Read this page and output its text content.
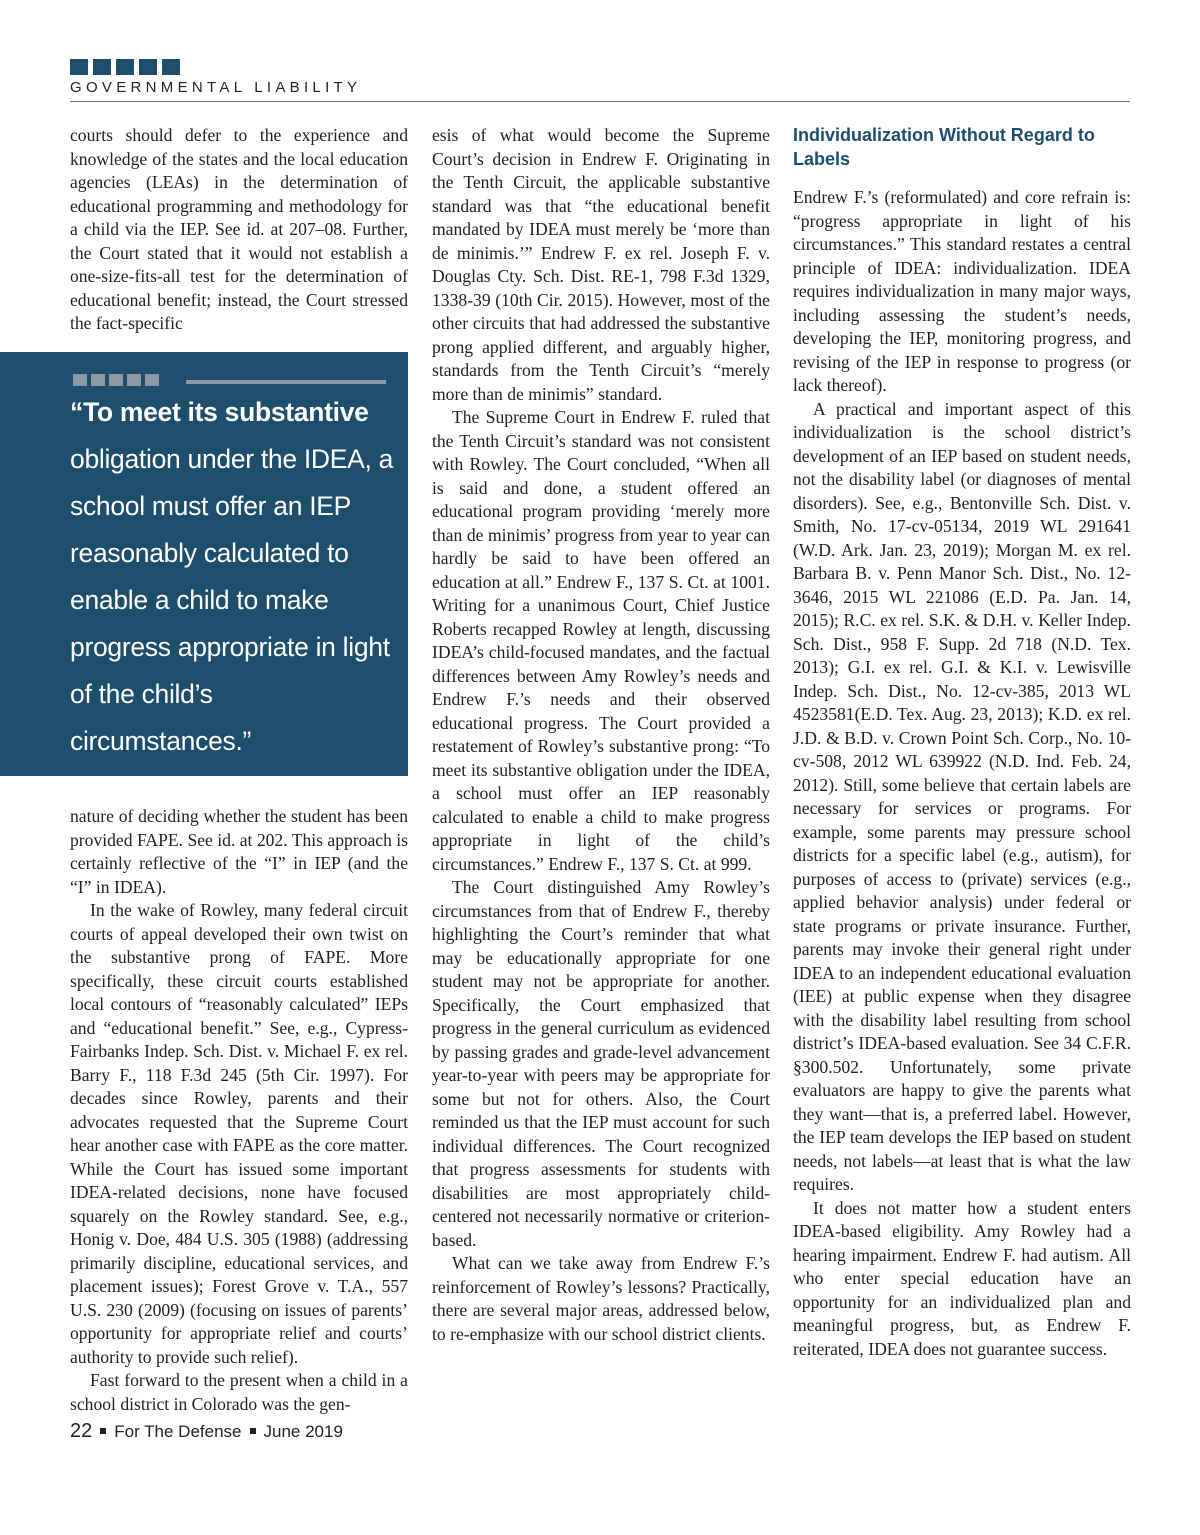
GOVERNMENTAL LIABILITY

courts should defer to the experience and knowledge of the states and the local education agencies (LEAs) in the determination of educational programming and methodology for a child via the IEP. See id. at 207–08. Further, the Court stated that it would not establish a one-size-fits-all test for the determination of educational benefit; instead, the Court stressed the fact-specific

“To meet its substantive obligation under the IDEA, a school must offer an IEP reasonably calculated to enable a child to make progress appropriate in light of the child’s circumstances.”

nature of deciding whether the student has been provided FAPE. See id. at 202. This approach is certainly reflective of the “I” in IEP (and the “I” in IDEA).

In the wake of Rowley, many federal circuit courts of appeal developed their own twist on the substantive prong of FAPE. More specifically, these circuit courts established local contours of “reasonably calculated” IEPs and “educational benefit.” See, e.g., Cypress-Fairbanks Indep. Sch. Dist. v. Michael F. ex rel. Barry F., 118 F.3d 245 (5th Cir. 1997). For decades since Rowley, parents and their advocates requested that the Supreme Court hear another case with FAPE as the core matter. While the Court has issued some important IDEA-related decisions, none have focused squarely on the Rowley standard. See, e.g., Honig v. Doe, 484 U.S. 305 (1988) (addressing primarily discipline, educational services, and placement issues); Forest Grove v. T.A., 557 U.S. 230 (2009) (focusing on issues of parents’ opportunity for appropriate relief and courts’ authority to provide such relief).

Fast forward to the present when a child in a school district in Colorado was the gen-

esis of what would become the Supreme Court’s decision in Endrew F. Originating in the Tenth Circuit, the applicable substantive standard was that “the educational benefit mandated by IDEA must merely be ‘more than de minimis.’” Endrew F. ex rel. Joseph F. v. Douglas Cty. Sch. Dist. RE-1, 798 F.3d 1329, 1338-39 (10th Cir. 2015). However, most of the other circuits that had addressed the substantive prong applied different, and arguably higher, standards from the Tenth Circuit’s “merely more than de minimis” standard.

The Supreme Court in Endrew F. ruled that the Tenth Circuit’s standard was not consistent with Rowley. The Court concluded, “When all is said and done, a student offered an educational program providing ‘merely more than de minimis’ progress from year to year can hardly be said to have been offered an education at all.” Endrew F., 137 S. Ct. at 1001. Writing for a unanimous Court, Chief Justice Roberts recapped Rowley at length, discussing IDEA’s child-focused mandates, and the factual differences between Amy Rowley’s needs and Endrew F.’s needs and their observed educational progress. The Court provided a restatement of Rowley’s substantive prong: “To meet its substantive obligation under the IDEA, a school must offer an IEP reasonably calculated to enable a child to make progress appropriate in light of the child’s circumstances.” Endrew F., 137 S. Ct. at 999.

The Court distinguished Amy Rowley’s circumstances from that of Endrew F., thereby highlighting the Court’s reminder that what may be educationally appropriate for one student may not be appropriate for another. Specifically, the Court emphasized that progress in the general curriculum as evidenced by passing grades and grade-level advancement year-to-year with peers may be appropriate for some but not for others. Also, the Court reminded us that the IEP must account for such individual differences. The Court recognized that progress assessments for students with disabilities are most appropriately child-centered not necessarily normative or criterion-based.

What can we take away from Endrew F.’s reinforcement of Rowley’s lessons? Practically, there are several major areas, addressed below, to re-emphasize with our school district clients.

Individualization Without Regard to Labels

Endrew F.’s (reformulated) and core refrain is: “progress appropriate in light of his circumstances.” This standard restates a central principle of IDEA: individualization. IDEA requires individualization in many major ways, including assessing the student’s needs, developing the IEP, monitoring progress, and revising of the IEP in response to progress (or lack thereof).

A practical and important aspect of this individualization is the school district’s development of an IEP based on student needs, not the disability label (or diagnoses of mental disorders). See, e.g., Bentonville Sch. Dist. v. Smith, No. 17-cv-05134, 2019 WL 291641 (W.D. Ark. Jan. 23, 2019); Morgan M. ex rel. Barbara B. v. Penn Manor Sch. Dist., No. 12-3646, 2015 WL 221086 (E.D. Pa. Jan. 14, 2015); R.C. ex rel. S.K. & D.H. v. Keller Indep. Sch. Dist., 958 F. Supp. 2d 718 (N.D. Tex. 2013); G.I. ex rel. G.I. & K.I. v. Lewisville Indep. Sch. Dist., No. 12-cv-385, 2013 WL 4523581(E.D. Tex. Aug. 23, 2013); K.D. ex rel. J.D. & B.D. v. Crown Point Sch. Corp., No. 10-cv-508, 2012 WL 639922 (N.D. Ind. Feb. 24, 2012). Still, some believe that certain labels are necessary for services or programs. For example, some parents may pressure school districts for a specific label (e.g., autism), for purposes of access to (private) services (e.g., applied behavior analysis) under federal or state programs or private insurance. Further, parents may invoke their general right under IDEA to an independent educational evaluation (IEE) at public expense when they disagree with the disability label resulting from school district’s IDEA-based evaluation. See 34 C.F.R. §300.502. Unfortunately, some private evaluators are happy to give the parents what they want—that is, a preferred label. However, the IEP team develops the IEP based on student needs, not labels—at least that is what the law requires.

It does not matter how a student enters IDEA-based eligibility. Amy Rowley had a hearing impairment. Endrew F. had autism. All who enter special education have an opportunity for an individualized plan and meaningful progress, but, as Endrew F. reiterated, IDEA does not guarantee success.

22 For The Defense June 2019
